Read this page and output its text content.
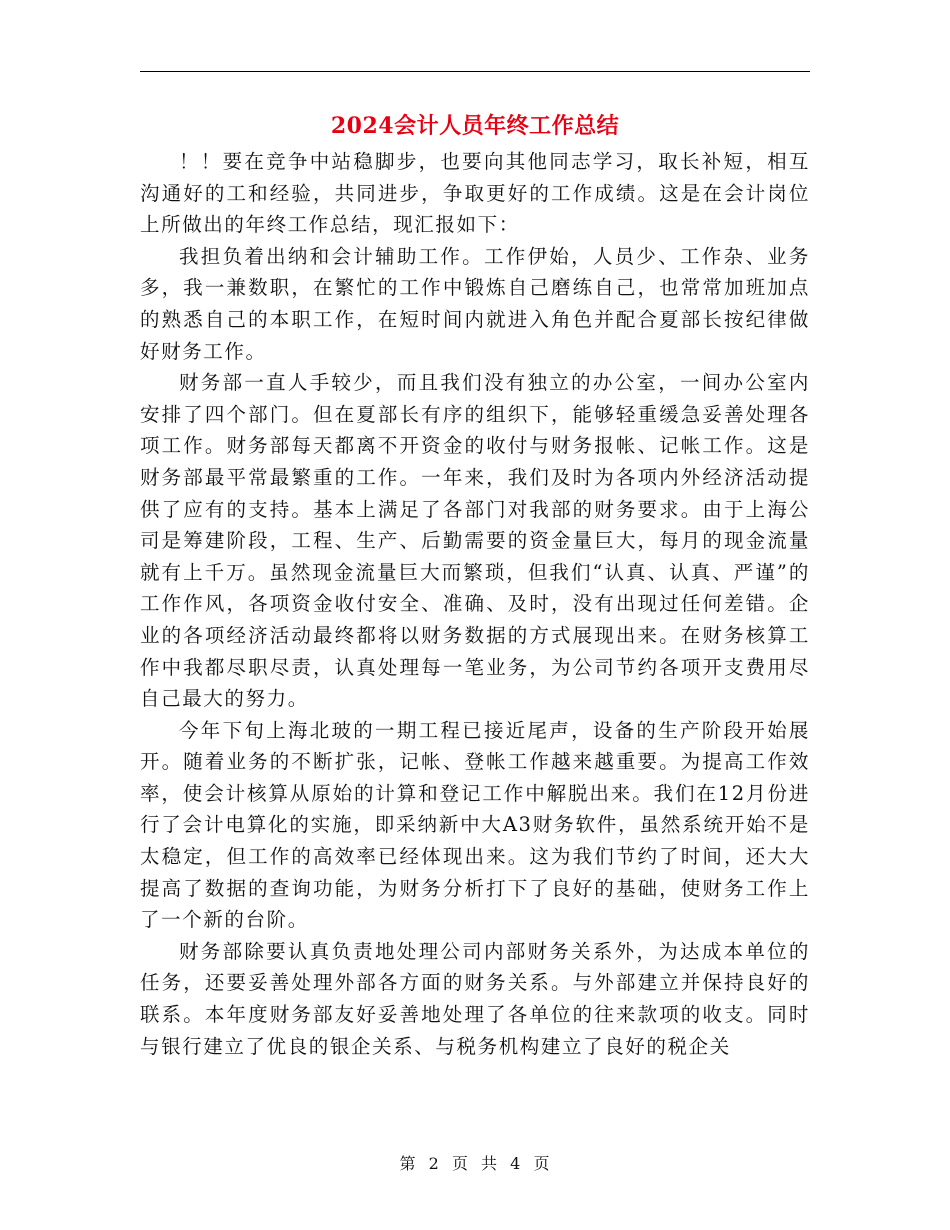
2024会计人员年终工作总结

！！要在竞争中站稳脚步，也要向其他同志学习，取长补短，相互沟通好的工和经验，共同进步，争取更好的工作成绩。这是在会计岗位上所做出的年终工作总结，现汇报如下：

我担负着出纳和会计辅助工作。工作伊始，人员少、工作杂、业务多，我一兼数职，在繁忙的工作中锻炼自己磨练自己，也常常加班加点的熟悉自己的本职工作，在短时间内就进入角色并配合夏部长按纪律做好财务工作。

财务部一直人手较少，而且我们没有独立的办公室，一间办公室内安排了四个部门。但在夏部长有序的组织下，能够轻重缓急妥善处理各项工作。财务部每天都离不开资金的收付与财务报帐、记帐工作。这是财务部最平常最繁重的工作。一年来，我们及时为各项内外经济活动提供了应有的支持。基本上满足了各部门对我部的财务要求。由于上海公司是筹建阶段，工程、生产、后勤需要的资金量巨大，每月的现金流量就有上千万。虽然现金流量巨大而繁琐，但我们“认真、认真、严谨”的工作作风，各项资金收付安全、准确、及时，没有出现过任何差错。企业的各项经济活动最终都将以财务数据的方式展现出来。在财务核算工作中我都尽职尽责，认真处理每一笔业务，为公司节约各项开支费用尽自己最大的努力。

今年下旬上海北玻的一期工程已接近尾声，设备的生产阶段开始展开。随着业务的不断扩张，记帐、登帐工作越来越重要。为提高工作效率，使会计核算从原始的计算和登记工作中解脱出来。我们在12月份进行了会计电算化的实施，即采纳新中大A3财务软件，虽然系统开始不是太稳定，但工作的高效率已经体现出来。这为我们节约了时间，还大大提高了数据的查询功能，为财务分析打下了良好的基础，使财务工作上了一个新的台阶。

财务部除要认真负责地处理公司内部财务关系外，为达成本单位的任务，还要妥善处理外部各方面的财务关系。与外部建立并保持良好的联系。本年度财务部友好妥善地处理了各单位的往来款项的收支。同时与银行建立了优良的银企关系、与税务机构建立了良好的税企关

第 2 页 共 4 页
